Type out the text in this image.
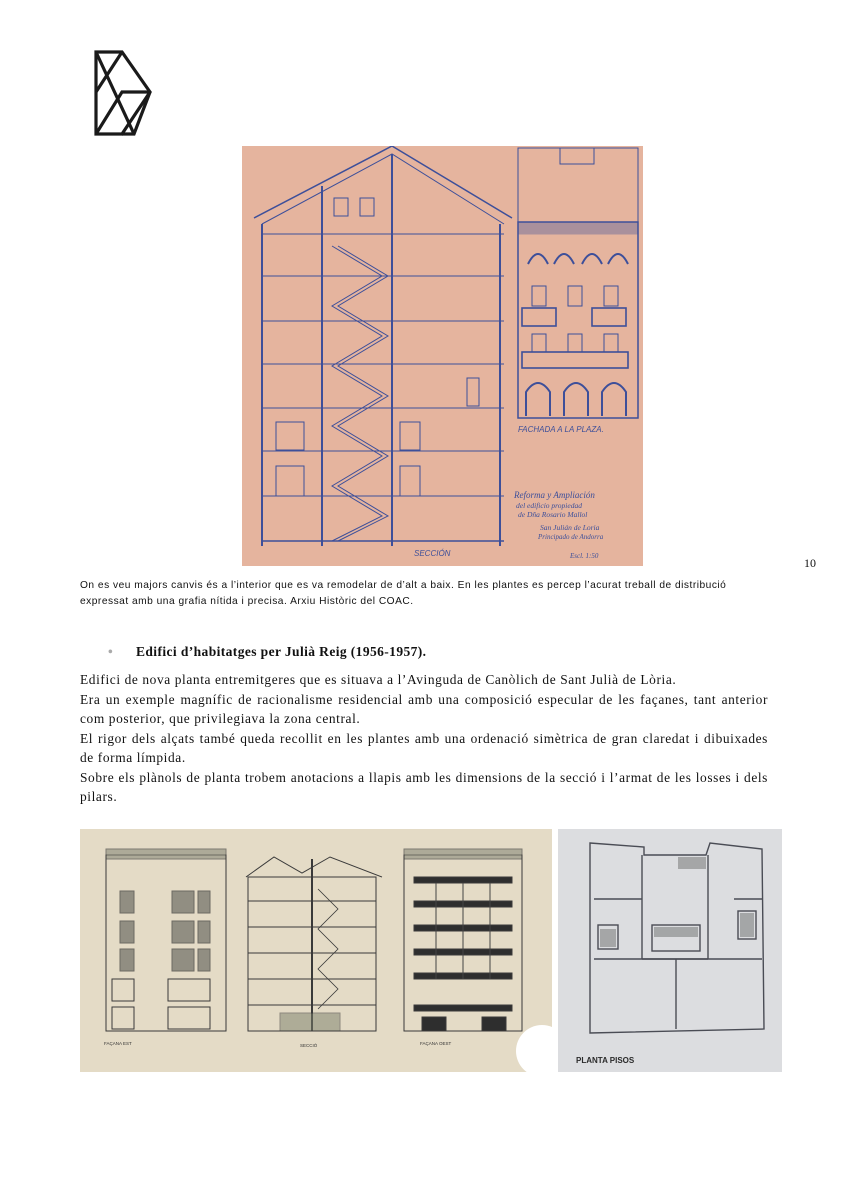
FACHADA A LA PLAZA.
SECCIÓN
Reforma y Ampliación
del edificio propiedad
de Dña Rosario Mallol
San Julián de Loria
Principado de Andorra
Escl. 1:50	10
On es veu majors canvis és a l’interior que es va remodelar de d’alt a baix. En les plantes es percep l’acurat treball de distribució expressat amb una grafia nítida i precisa. Arxiu Històric del COAC.
• Edifici d’habitatges per Julià Reig (1956-1957).

Edifici de nova planta entremitgeres que es situava a l’Avinguda de Canòlich de Sant Julià de Lòria.

Era un exemple magnífic de racionalisme residencial amb una composició especular de les façanes, tant anterior com posterior, que privilegiava la zona central.

El rigor dels alçats també queda recollit en les plantes amb una ordenació simètrica de gran claredat i dibuixades de forma límpida.

Sobre els plànols de planta trobem anotacions a llapis amb les dimensions de la secció i l’armat de les losses i dels pilars.

FAÇANA EST	SECCIÓ	FAÇANA OEST
PLANTA PISOS
